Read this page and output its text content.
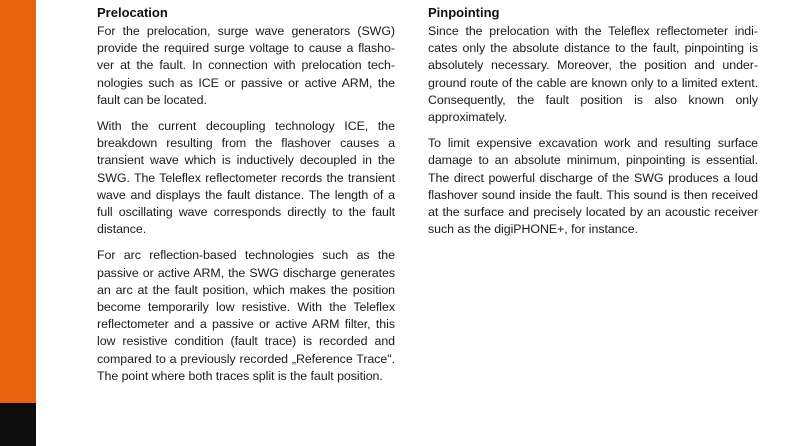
Prelocation

For the prelocation, surge wave generators (SWG) provide the required surge voltage to cause a flashover at the fault. In connection with prelocation technologies such as ICE or passive or active ARM, the fault can be located.

With the current decoupling technology ICE, the breakdown resulting from the flashover causes a transient wave which is inductively decoupled in the SWG. The Teleflex reflectometer records the transient wave and displays the fault distance. The length of a full oscillating wave corresponds directly to the fault distance.

For arc reflection-based technologies such as the passive or active ARM, the SWG discharge generates an arc at the fault position, which makes the position become temporarily low resistive. With the Teleflex reflectometer and a passive or active ARM filter, this low resistive condition (fault trace) is recorded and compared to a previously recorded „Reference Trace". The point where both traces split is the fault position.

Pinpointing

Since the prelocation with the Teleflex reflectometer indicates only the absolute distance to the fault, pinpointing is absolutely necessary. Moreover, the position and underground route of the cable are known only to a limited extent. Consequently, the fault position is also known only approximately.

To limit expensive excavation work and resulting surface damage to an absolute minimum, pinpointing is essential. The direct powerful discharge of the SWG produces a loud flashover sound inside the fault. This sound is then received at the surface and precisely located by an acoustic receiver such as the digiPHONE+, for instance.
